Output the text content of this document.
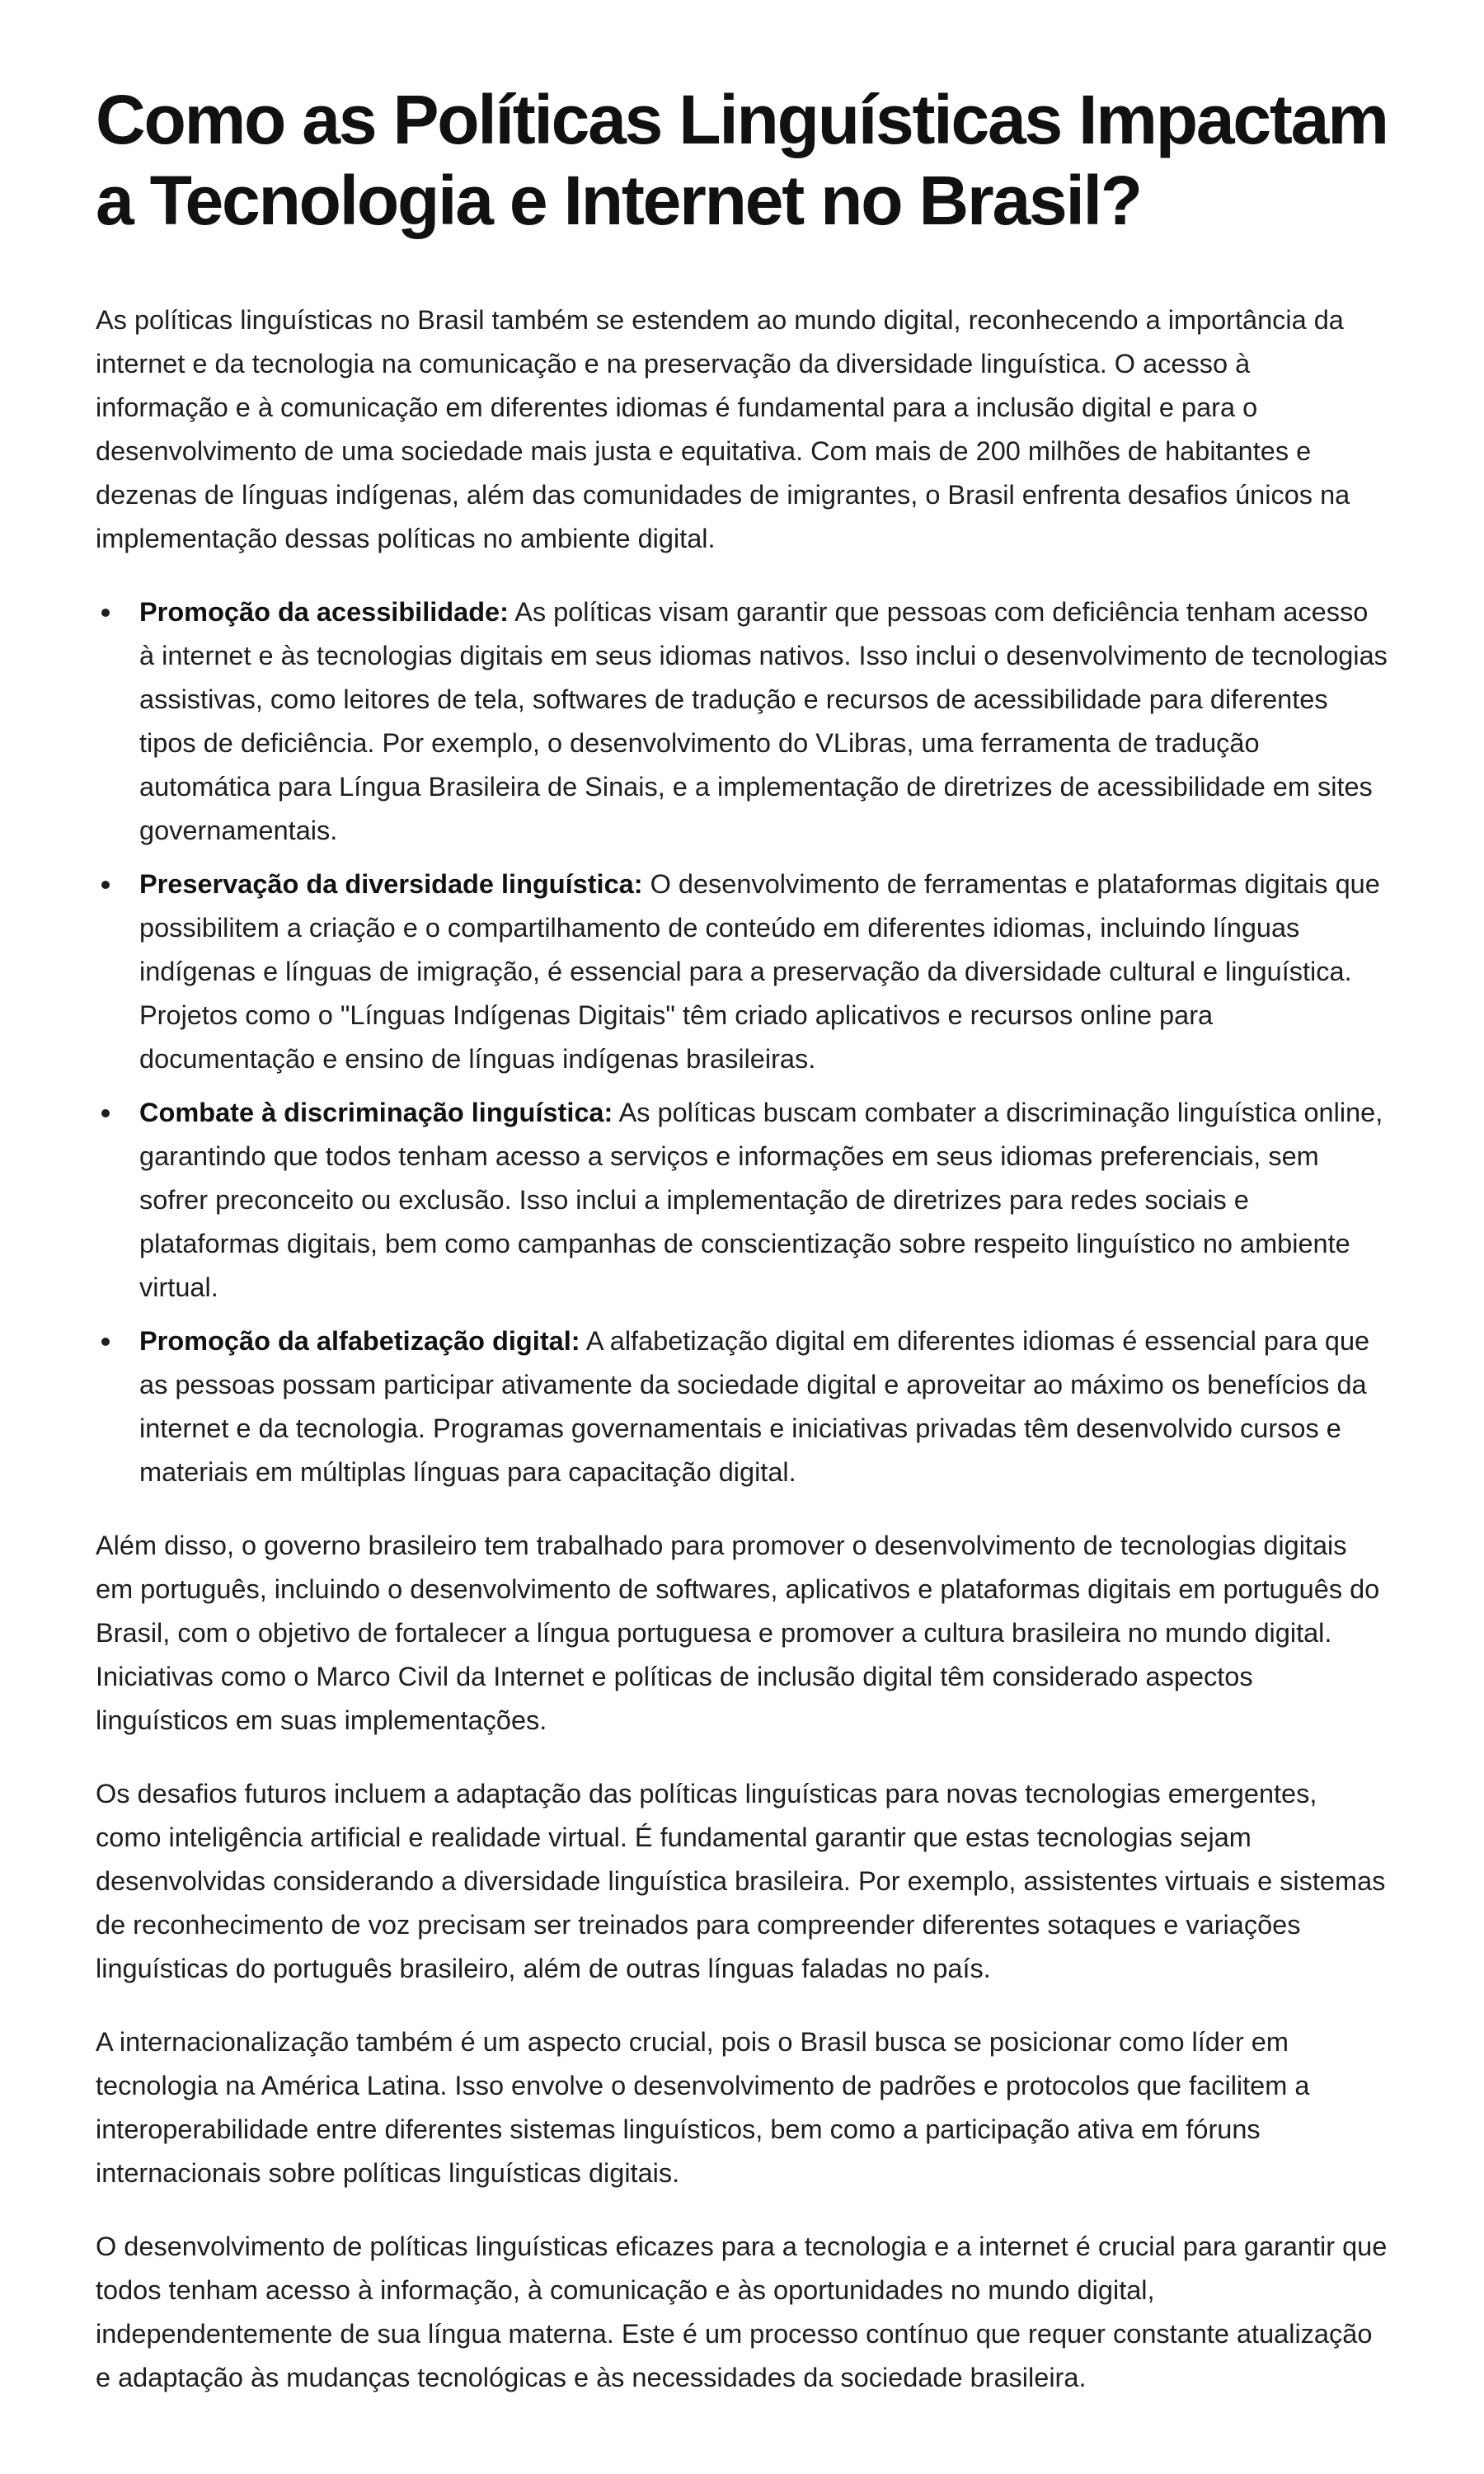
Como as Políticas Linguísticas Impactam a Tecnologia e Internet no Brasil?

As políticas linguísticas no Brasil também se estendem ao mundo digital, reconhecendo a importância da internet e da tecnologia na comunicação e na preservação da diversidade linguística. O acesso à informação e à comunicação em diferentes idiomas é fundamental para a inclusão digital e para o desenvolvimento de uma sociedade mais justa e equitativa. Com mais de 200 milhões de habitantes e dezenas de línguas indígenas, além das comunidades de imigrantes, o Brasil enfrenta desafios únicos na implementação dessas políticas no ambiente digital.

Promoção da acessibilidade: As políticas visam garantir que pessoas com deficiência tenham acesso à internet e às tecnologias digitais em seus idiomas nativos. Isso inclui o desenvolvimento de tecnologias assistivas, como leitores de tela, softwares de tradução e recursos de acessibilidade para diferentes tipos de deficiência. Por exemplo, o desenvolvimento do VLibras, uma ferramenta de tradução automática para Língua Brasileira de Sinais, e a implementação de diretrizes de acessibilidade em sites governamentais.
Preservação da diversidade linguística: O desenvolvimento de ferramentas e plataformas digitais que possibilitem a criação e o compartilhamento de conteúdo em diferentes idiomas, incluindo línguas indígenas e línguas de imigração, é essencial para a preservação da diversidade cultural e linguística. Projetos como o "Línguas Indígenas Digitais" têm criado aplicativos e recursos online para documentação e ensino de línguas indígenas brasileiras.
Combate à discriminação linguística: As políticas buscam combater a discriminação linguística online, garantindo que todos tenham acesso a serviços e informações em seus idiomas preferenciais, sem sofrer preconceito ou exclusão. Isso inclui a implementação de diretrizes para redes sociais e plataformas digitais, bem como campanhas de conscientização sobre respeito linguístico no ambiente virtual.
Promoção da alfabetização digital: A alfabetização digital em diferentes idiomas é essencial para que as pessoas possam participar ativamente da sociedade digital e aproveitar ao máximo os benefícios da internet e da tecnologia. Programas governamentais e iniciativas privadas têm desenvolvido cursos e materiais em múltiplas línguas para capacitação digital.

Além disso, o governo brasileiro tem trabalhado para promover o desenvolvimento de tecnologias digitais em português, incluindo o desenvolvimento de softwares, aplicativos e plataformas digitais em português do Brasil, com o objetivo de fortalecer a língua portuguesa e promover a cultura brasileira no mundo digital. Iniciativas como o Marco Civil da Internet e políticas de inclusão digital têm considerado aspectos linguísticos em suas implementações.

Os desafios futuros incluem a adaptação das políticas linguísticas para novas tecnologias emergentes, como inteligência artificial e realidade virtual. É fundamental garantir que estas tecnologias sejam desenvolvidas considerando a diversidade linguística brasileira. Por exemplo, assistentes virtuais e sistemas de reconhecimento de voz precisam ser treinados para compreender diferentes sotaques e variações linguísticas do português brasileiro, além de outras línguas faladas no país.

A internacionalização também é um aspecto crucial, pois o Brasil busca se posicionar como líder em tecnologia na América Latina. Isso envolve o desenvolvimento de padrões e protocolos que facilitem a interoperabilidade entre diferentes sistemas linguísticos, bem como a participação ativa em fóruns internacionais sobre políticas linguísticas digitais.

O desenvolvimento de políticas linguísticas eficazes para a tecnologia e a internet é crucial para garantir que todos tenham acesso à informação, à comunicação e às oportunidades no mundo digital, independentemente de sua língua materna. Este é um processo contínuo que requer constante atualização e adaptação às mudanças tecnológicas e às necessidades da sociedade brasileira.
